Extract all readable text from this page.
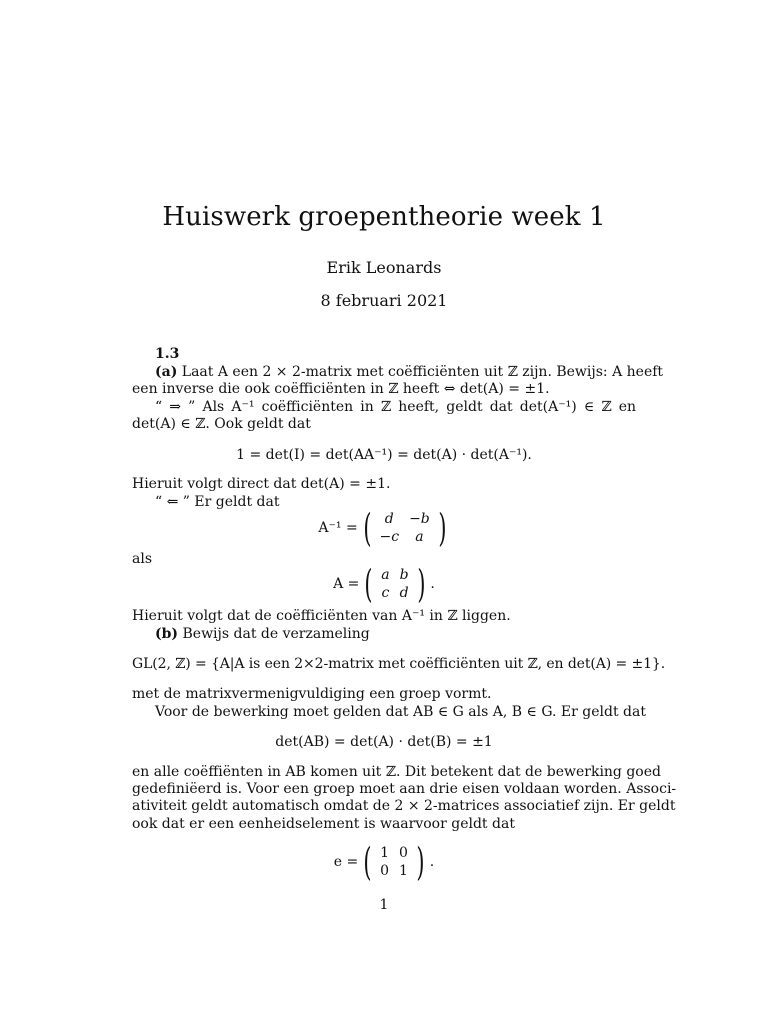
Huiswerk groepentheorie week 1
Erik Leonards
8 februari 2021
1.3
(a) Laat A een 2 × 2-matrix met coëfficiënten uit ℤ zijn. Bewijs: A heeft
een inverse die ook coëfficiënten in ℤ heeft ⇔ det(A) = ±1.
“ ⇒ ” Als A⁻¹ coëfficiënten in ℤ heeft, geldt dat det(A⁻¹) ∈ ℤ en
det(A) ∈ ℤ. Ook geldt dat
1 = det(I) = det(AA⁻¹) = det(A) · det(A⁻¹).
Hieruit volgt direct dat det(A) = ±1.
“ ⇐ ” Er geldt dat
A⁻¹ = ( d	−b
−c	a )
als
A = ( a	b
c	d ) .
Hieruit volgt dat de coëfficiënten van A⁻¹ in ℤ liggen.
(b) Bewijs dat de verzameling
GL(2, ℤ) = {A|A is een 2×2-matrix met coëfficiënten uit ℤ, en det(A) = ±1}.
met de matrixvermenigvuldiging een groep vormt.
Voor de bewerking moet gelden dat AB ∈ G als A, B ∈ G. Er geldt dat
det(AB) = det(A) · det(B) = ±1
en alle coëffiënten in AB komen uit ℤ. Dit betekent dat de bewerking goed
gedefiniëerd is. Voor een groep moet aan drie eisen voldaan worden. Associ-
ativiteit geldt automatisch omdat de 2 × 2-matrices associatief zijn. Er geldt
ook dat er een eenheidselement is waarvoor geldt dat
e = ( 1	0
0	1 ) .
1
